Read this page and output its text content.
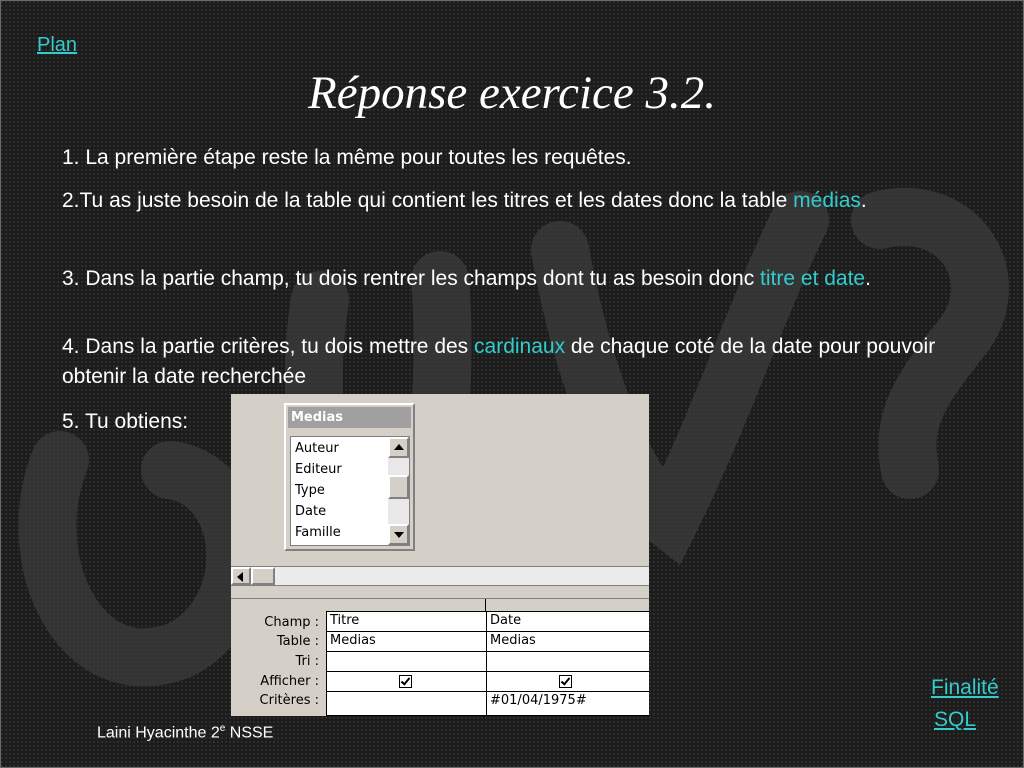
Plan
Réponse exercice 3.2.
1. La première étape reste la même pour toutes les requêtes.
2.Tu as juste besoin de la table qui contient les titres et les dates donc la table médias.
3. Dans la partie champ, tu dois rentrer les champs dont tu as besoin donc titre et date.
4. Dans la partie critères, tu dois mettre des cardinaux de chaque coté de la date pour pouvoir obtenir la date recherchée
5. Tu obtiens:	Medias
Auteur
Editeur
Type
Date
Famille
Champ :
Table :
Tri :
Afficher :
Critères :
Titre
Medias
Date
Medias
#01/04/1975#
Laini Hyacinthe 2e NSSE
Finalité
SQL
